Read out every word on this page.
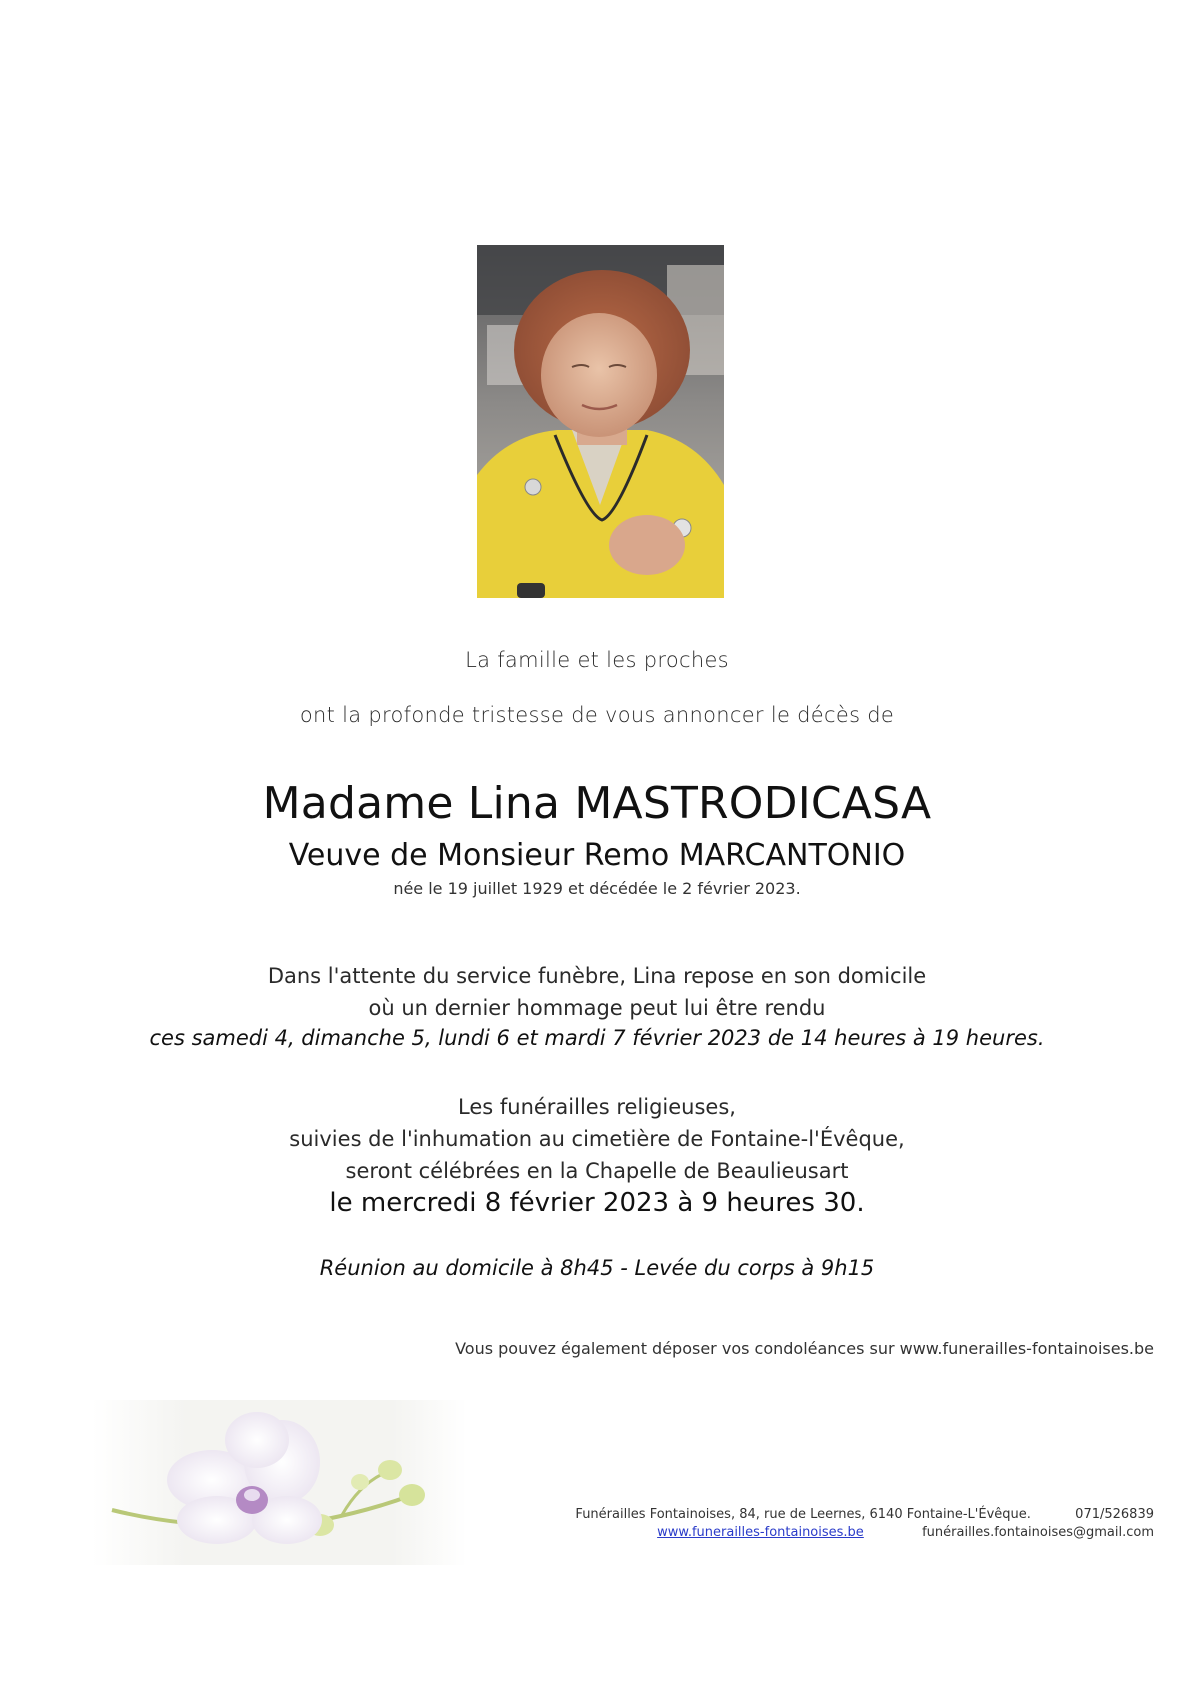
La famille et les proches
ont la profonde tristesse de vous annoncer le décès de
Madame Lina MASTRODICASA
Veuve de Monsieur Remo MARCANTONIO
née le 19 juillet 1929 et décédée le 2 février 2023.
Dans l'attente du service funèbre, Lina repose en son domicile
où un dernier hommage peut lui être rendu
ces samedi 4, dimanche 5, lundi 6 et mardi 7 février 2023 de 14 heures à 19 heures.
Les funérailles religieuses,
suivies de l'inhumation au cimetière de Fontaine-l'Évêque,
seront célébrées en la Chapelle de Beaulieusart
le mercredi 8 février 2023 à 9 heures 30.
Réunion au domicile à 8h45 - Levée du corps à 9h15
Vous pouvez également déposer vos condoléances sur www.funerailles-fontainoises.be
Funérailles Fontainoises, 84, rue de Leernes, 6140 Fontaine-L'Évêque.	071/526839
www.funerailles-fontainoises.be	funérailles.fontainoises@gmail.com
